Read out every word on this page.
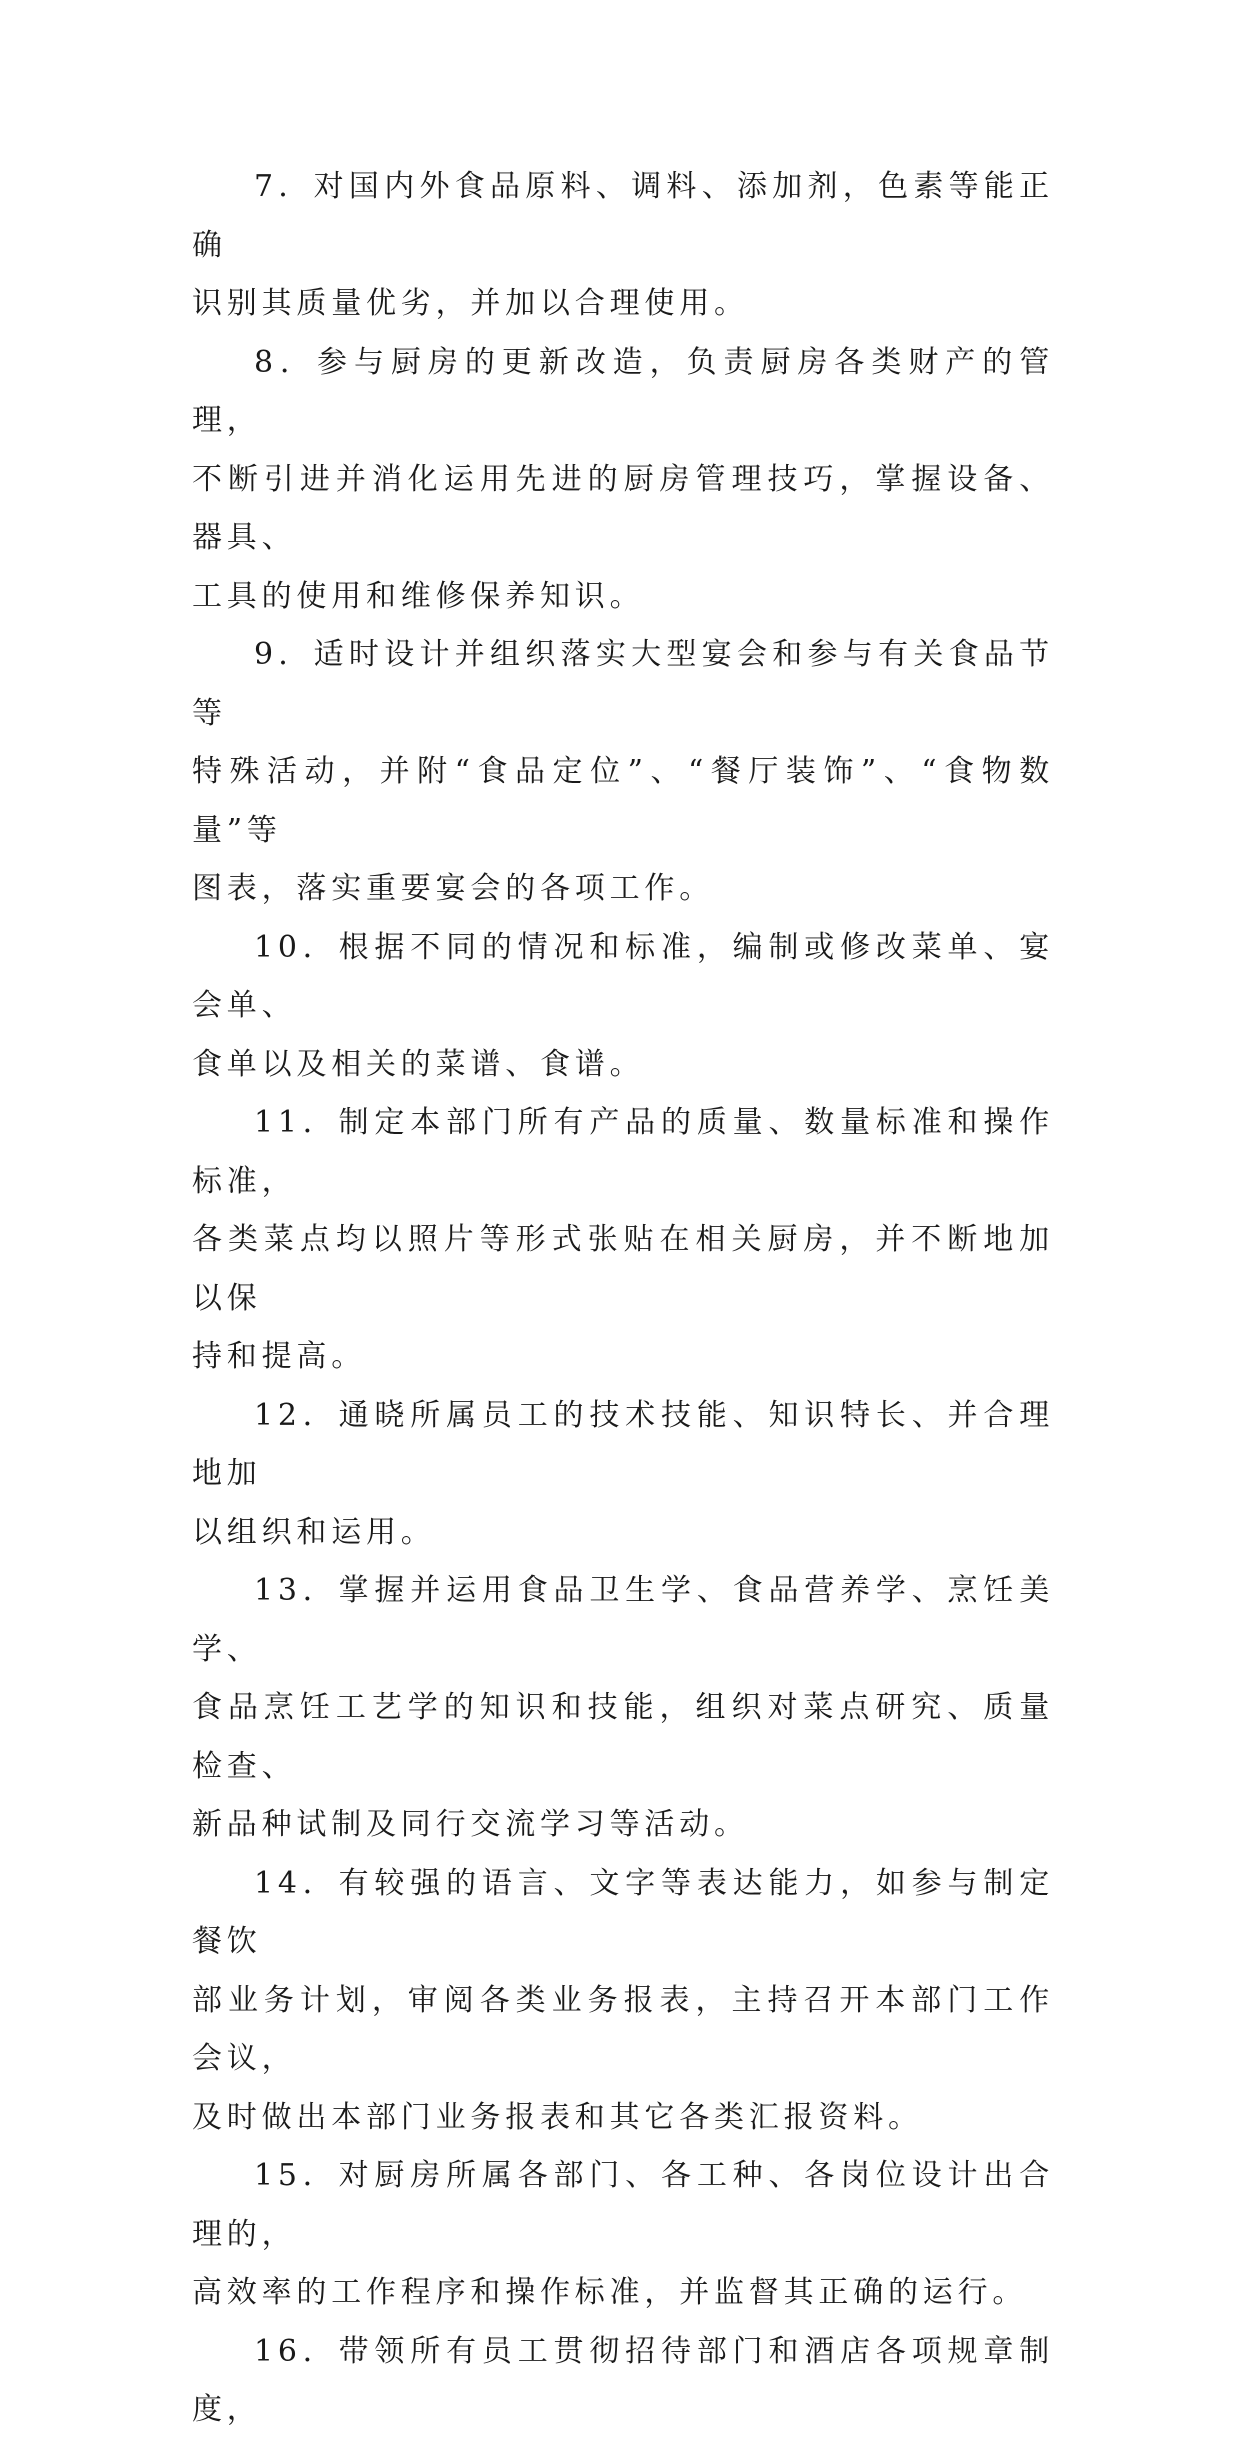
7．对国内外食品原料、调料、添加剂，色素等能正确
识别其质量优劣，并加以合理使用。

8．参与厨房的更新改造，负责厨房各类财产的管理，
不断引进并消化运用先进的厨房管理技巧，掌握设备、器具、
工具的使用和维修保养知识。

9．适时设计并组织落实大型宴会和参与有关食品节等
特殊活动，并附“食品定位”、“餐厅装饰”、“食物数量”等
图表，落实重要宴会的各项工作。

10．根据不同的情况和标准，编制或修改菜单、宴会单、
食单以及相关的菜谱、食谱。

11．制定本部门所有产品的质量、数量标准和操作标准，
各类菜点均以照片等形式张贴在相关厨房，并不断地加以保
持和提高。

12．通晓所属员工的技术技能、知识特长、并合理地加
以组织和运用。

13．掌握并运用食品卫生学、食品营养学、烹饪美学、
食品烹饪工艺学的知识和技能，组织对菜点研究、质量检查、
新品种试制及同行交流学习等活动。

14．有较强的语言、文字等表达能力，如参与制定餐饮
部业务计划，审阅各类业务报表，主持召开本部门工作会议，
及时做出本部门业务报表和其它各类汇报资料。

15．对厨房所属各部门、各工种、各岗位设计出合理的，
高效率的工作程序和操作标准，并监督其正确的运行。

16．带领所有员工贯彻招待部门和酒店各项规章制度，
